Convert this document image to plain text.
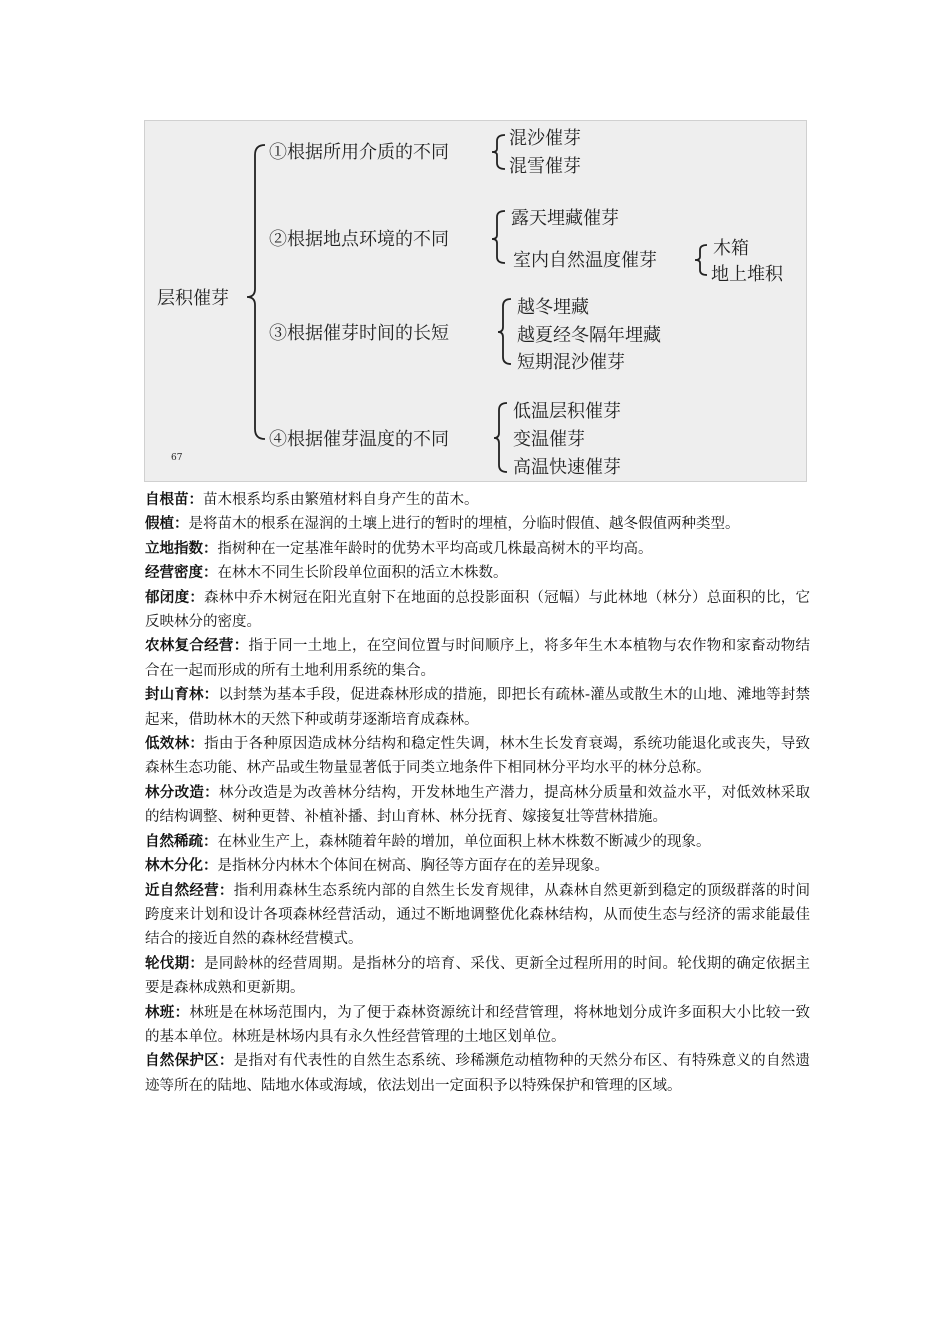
层积催芽
①根据所用介质的不同
混沙催芽
混雪催芽
②根据地点环境的不同
露天埋藏催芽
室内自然温度催芽
木箱
地上堆积
③根据催芽时间的长短
越冬埋藏
越夏经冬隔年埋藏
短期混沙催芽
④根据催芽温度的不同
低温层积催芽
变温催芽
高温快速催芽
67

自根苗：苗木根系均系由繁殖材料自身产生的苗木。

假植：是将苗木的根系在湿润的土壤上进行的暂时的埋植，分临时假值、越冬假值两种类型。

立地指数：指树种在一定基准年龄时的优势木平均高或几株最高树木的平均高。

经营密度：在林木不同生长阶段单位面积的活立木株数。

郁闭度：森林中乔木树冠在阳光直射下在地面的总投影面积（冠幅）与此林地（林分）总面积的比，它反映林分的密度。

农林复合经营：指于同一土地上，在空间位置与时间顺序上，将多年生木本植物与农作物和家畜动物结合在一起而形成的所有土地利用系统的集合。

封山育林：以封禁为基本手段，促进森林形成的措施，即把长有疏林-灌丛或散生木的山地、滩地等封禁起来，借助林木的天然下种或萌芽逐渐培育成森林。

低效林：指由于各种原因造成林分结构和稳定性失调，林木生长发育衰竭，系统功能退化或丧失，导致森林生态功能、林产品或生物量显著低于同类立地条件下相同林分平均水平的林分总称。

林分改造：林分改造是为改善林分结构，开发林地生产潜力，提高林分质量和效益水平，对低效林采取的结构调整、树种更替、补植补播、封山育林、林分抚育、嫁接复壮等营林措施。

自然稀疏：在林业生产上，森林随着年龄的增加，单位面积上林木株数不断减少的现象。

林木分化：是指林分内林木个体间在树高、胸径等方面存在的差异现象。

近自然经营：指利用森林生态系统内部的自然生长发育规律，从森林自然更新到稳定的顶级群落的时间跨度来计划和设计各项森林经营活动，通过不断地调整优化森林结构，从而使生态与经济的需求能最佳结合的接近自然的森林经营模式。

轮伐期：是同龄林的经营周期。是指林分的培育、采伐、更新全过程所用的时间。轮伐期的确定依据主要是森林成熟和更新期。

林班：林班是在林场范围内，为了便于森林资源统计和经营管理，将林地划分成许多面积大小比较一致的基本单位。林班是林场内具有永久性经营管理的土地区划单位。

自然保护区：是指对有代表性的自然生态系统、珍稀濒危动植物种的天然分布区、有特殊意义的自然遗迹等所在的陆地、陆地水体或海域，依法划出一定面积予以特殊保护和管理的区域。
